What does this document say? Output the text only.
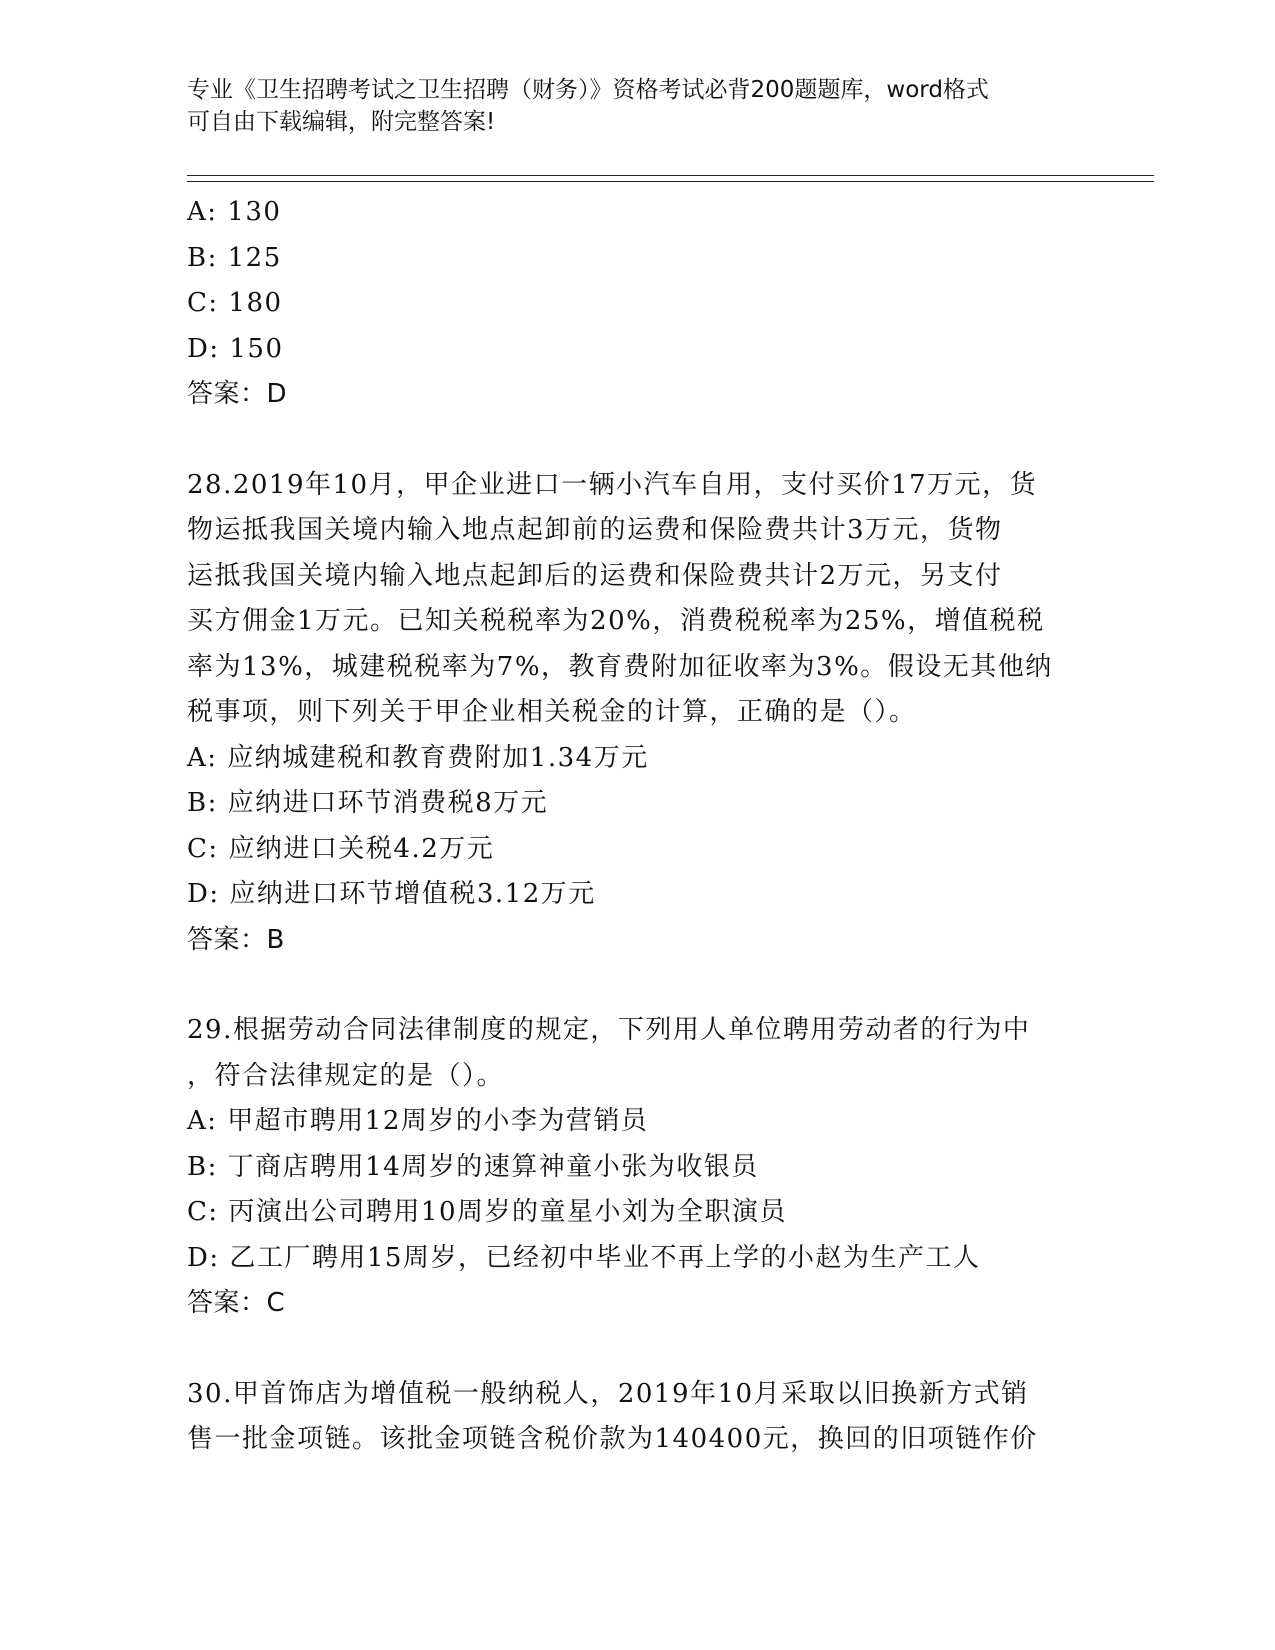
专业《卫生招聘考试之卫生招聘（财务）》资格考试必背200题题库，word格式
可自由下载编辑，附完整答案!
A: 130
B: 125
C: 180
D: 150
答案：D
28.2019年10月，甲企业进口一辆小汽车自用，支付买价17万元，货
物运抵我国关境内输入地点起卸前的运费和保险费共计3万元，货物
运抵我国关境内输入地点起卸后的运费和保险费共计2万元，另支付
买方佣金1万元。已知关税税率为20%，消费税税率为25%，增值税税
率为13%，城建税税率为7%，教育费附加征收率为3%。假设无其他纳
税事项，则下列关于甲企业相关税金的计算，正确的是（）。
A: 应纳城建税和教育费附加1.34万元
B: 应纳进口环节消费税8万元
C: 应纳进口关税4.2万元
D: 应纳进口环节增值税3.12万元
答案：B
29.根据劳动合同法律制度的规定，下列用人单位聘用劳动者的行为中
，符合法律规定的是（）。
A: 甲超市聘用12周岁的小李为营销员
B: 丁商店聘用14周岁的速算神童小张为收银员
C: 丙演出公司聘用10周岁的童星小刘为全职演员
D: 乙工厂聘用15周岁，已经初中毕业不再上学的小赵为生产工人
答案：C
30.甲首饰店为增值税一般纳税人，2019年10月采取以旧换新方式销
售一批金项链。该批金项链含税价款为140400元，换回的旧项链作价
